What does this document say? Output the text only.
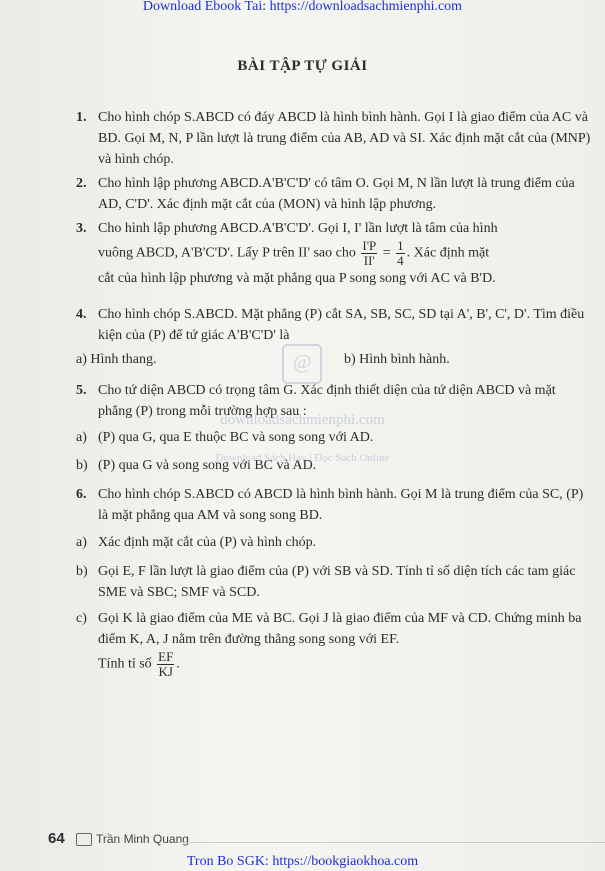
Download Ebook Tai: https://downloadsachmienphi.com
BÀI TẬP TỰ GIẢI
1. Cho hình chóp S.ABCD có đáy ABCD là hình bình hành. Gọi I là giao điểm của AC và BD. Gọi M, N, P lần lượt là trung điểm của AB, AD và SI. Xác định mặt cắt của (MNP) và hình chóp.
2. Cho hình lập phương ABCD.A'B'C'D' có tâm O. Gọi M, N lần lượt là trung điểm của AD, C'D'. Xác định mặt cắt của (MON) và hình lập phương.
3. Cho hình lập phương ABCD.A'B'C'D'. Gọi I, I' lần lượt là tâm của hình
vuông ABCD, A'B'C'D'. Lấy P trên II' sao cho $\frac{I'P}{II'} = \frac{1}{4}$ . Xác định mặt
cắt của hình lập phương và mặt phẳng qua P song song với AC và B'D.
4. Cho hình chóp S.ABCD. Mặt phẳng (P) cắt SA, SB, SC, SD tại A', B', C', D'. Tìm điều kiện của (P) để tứ giác A'B'C'D' là
a) Hình thang.	b) Hình bình hành.
5. Cho tứ diện ABCD có trọng tâm G. Xác định thiết diện của tứ diện ABCD và mặt phẳng (P) trong mỗi trường hợp sau :
a) (P) qua G, qua E thuộc BC và song song với AD.
b) (P) qua G và song song với BC và AD.
6. Cho hình chóp S.ABCD có ABCD là hình bình hành. Gọi M là trung điểm của SC, (P) là mặt phẳng qua AM và song song BD.
a) Xác định mặt cắt của (P) và hình chóp.
b) Gọi E, F lần lượt là giao điểm của (P) với SB và SD. Tính tỉ số diện tích các tam giác SME và SBC; SMF và SCD.
c) Gọi K là giao điểm của ME và BC. Gọi J là giao điểm của MF và CD. Chứng minh ba điểm K, A, J nằm trên đường thẳng song song với EF.
Tính tỉ số $\frac{EF}{KJ}$ .
@
downloadsachmienphi.com
Download Sách Hay | Đọc Sách Online
64	Trần Minh Quang
Tron Bo SGK: https://bookgiaokhoa.com
